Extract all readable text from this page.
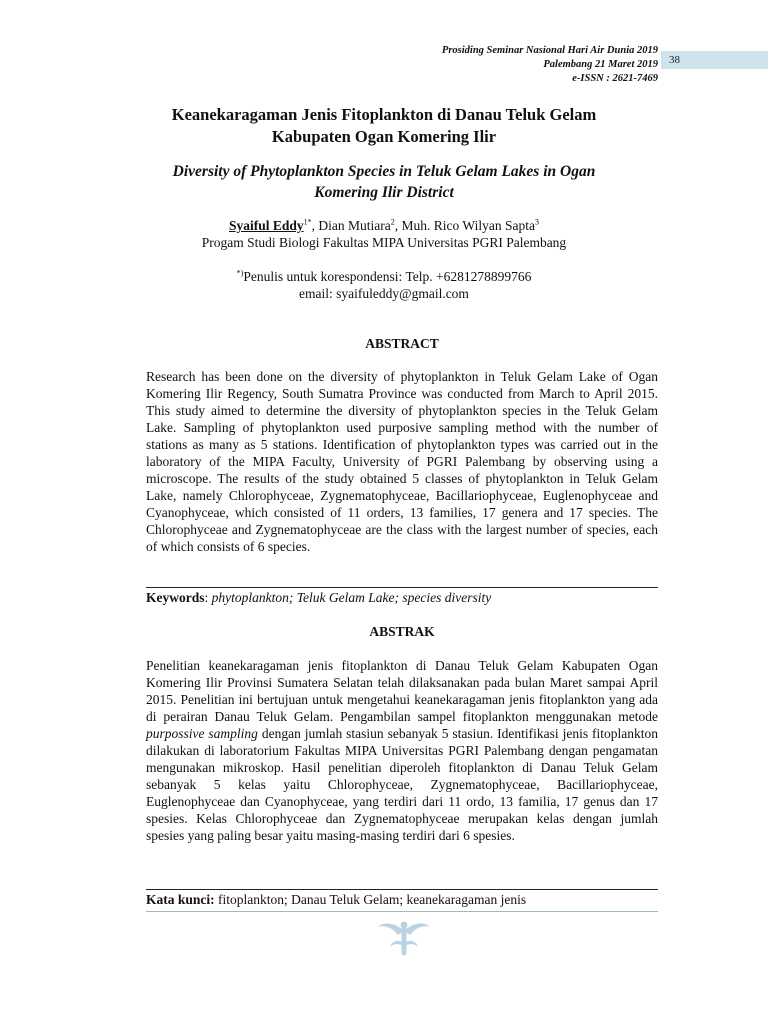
Prosiding Seminar Nasional Hari Air Dunia 2019
Palembang 21 Maret 2019
e-ISSN : 2621-7469
38
Keanekaragaman Jenis Fitoplankton di Danau Teluk Gelam
Kabupaten Ogan Komering Ilir
Diversity of Phytoplankton Species in Teluk Gelam Lakes in Ogan
Komering Ilir District
Syaiful Eddy$^{1*}$, Dian Mutiara$^2$, Muh. Rico Wilyan Sapta$^3$
Progam Studi Biologi Fakultas MIPA Universitas PGRI Palembang
*)Penulis untuk korespondensi: Telp. +6281278899766
email: syaifuleddy@gmail.com
ABSTRACT

Research has been done on the diversity of phytoplankton in Teluk Gelam Lake of Ogan Komering Ilir Regency, South Sumatra Province was conducted from March to April 2015. This study aimed to determine the diversity of phytoplankton species in the Teluk Gelam Lake. Sampling of phytoplankton used purposive sampling method with the number of stations as many as 5 stations. Identification of phytoplankton types was carried out in the laboratory of the MIPA Faculty, University of PGRI Palembang by observing using a microscope. The results of the study obtained 5 classes of phytoplankton in Teluk Gelam Lake, namely Chlorophyceae, Zygnematophyceae, Bacillariophyceae, Euglenophyceae and Cyanophyceae, which consisted of 11 orders, 13 families, 17 genera and 17 species. The Chlorophyceae and Zygnematophyceae are the class with the largest number of species, each of which consists of 6 species.

Keywords: phytoplankton; Teluk Gelam Lake; species diversity
ABSTRAK

Penelitian keanekaragaman jenis fitoplankton di Danau Teluk Gelam Kabupaten Ogan Komering Ilir Provinsi Sumatera Selatan telah dilaksanakan pada bulan Maret sampai April 2015. Penelitian ini bertujuan untuk mengetahui keanekaragaman jenis fitoplankton yang ada di perairan Danau Teluk Gelam. Pengambilan sampel fitoplankton menggunakan metode purpossive sampling dengan jumlah stasiun sebanyak 5 stasiun. Identifikasi jenis fitoplankton dilakukan di laboratorium Fakultas MIPA Universitas PGRI Palembang dengan pengamatan mengunakan mikroskop. Hasil penelitian diperoleh fitoplankton di Danau Teluk Gelam sebanyak 5 kelas yaitu Chlorophyceae, Zygnematophyceae, Bacillariophyceae, Euglenophyceae dan Cyanophyceae, yang terdiri dari 11 ordo, 13 familia, 17 genus dan 17 spesies. Kelas Chlorophyceae dan Zygnematophyceae merupakan kelas dengan jumlah spesies yang paling besar yaitu masing-masing terdiri dari 6 spesies.

Kata kunci: fitoplankton; Danau Teluk Gelam; keanekaragaman jenis
